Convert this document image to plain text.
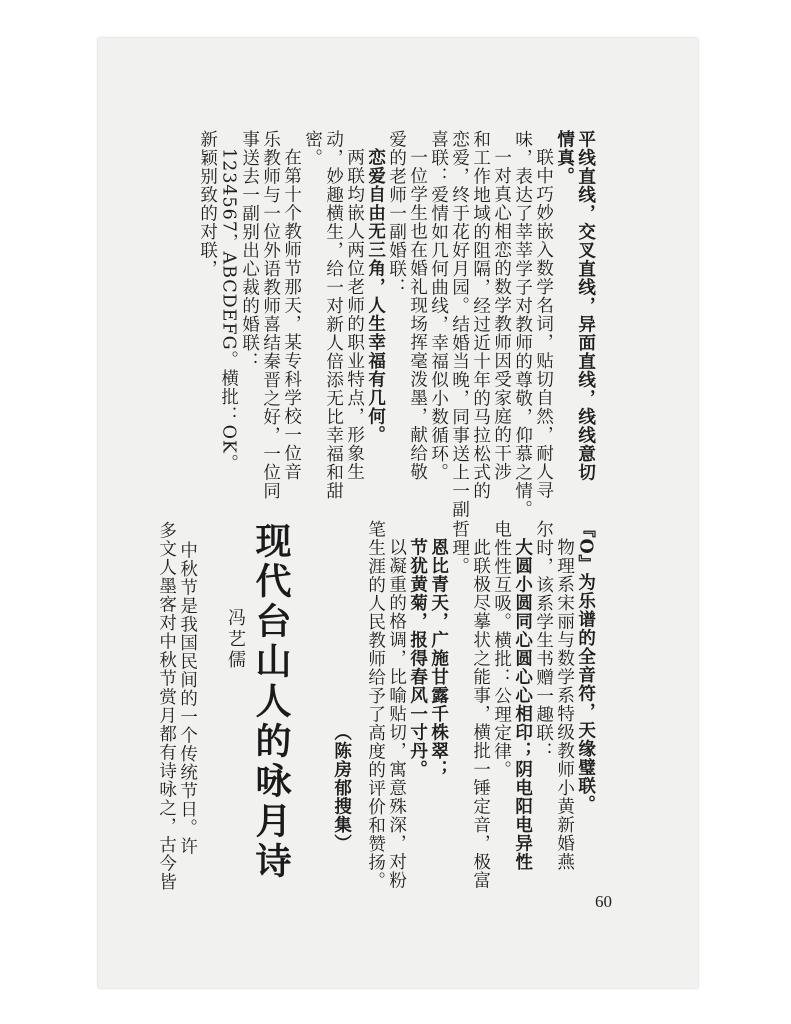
平线直线，交叉直线，异面直线，线线意切
情真。
联中巧妙嵌入数学名词，贴切自然，耐人寻
味，表达了莘莘学子对教师的尊敬，仰慕之情。
一对真心相恋的数学教师因受家庭的干涉
和工作地域的阻隔，经过近十年的马拉松式的
恋爱，终于花好月园。结婚当晚，同事送上一副
喜联：爱情如几何曲线，幸福似小数循环。
一位学生也在婚礼现场挥毫泼墨，献给敬
爱的老师一副婚联：
恋爱自由无三角，人生幸福有几何。
两联均嵌人两位老师的职业特点，形象生
动，妙趣横生，给一对新人倍添无比幸福和甜
密。
在第十个教师节那天，某专科学校一位音
乐教师与一位外语教师喜结秦晋之好，一位同
事送去一副别出心裁的婚联：
1234567，ABCDEFG。横批：OK。
新颖别致的对联，
『O』为乐谱的全音符，天缘璧联。
物理系宋丽与数学系特级教师小黄新婚燕
尔时，该系学生书赠一趣联：
大圆小圆同心圆心心相印；阴电阳电异性
电性性互吸。横批：公理定律。
此联极尽摹状之能事，横批一锤定音，极富
哲理。
恩比青天，广施甘露千株翠；
节犹黄菊，报得春风一寸丹。
以凝重的格调，比喻贴切，寓意殊深，对粉
笔生涯的人民教师给予了高度的评价和赞扬。
（陈房郁搜集）
现代台山人的咏月诗
冯艺儒
中秋节是我国民间的一个传统节日。许
多文人墨客对中秋节赏月都有诗咏之，古今皆
60
